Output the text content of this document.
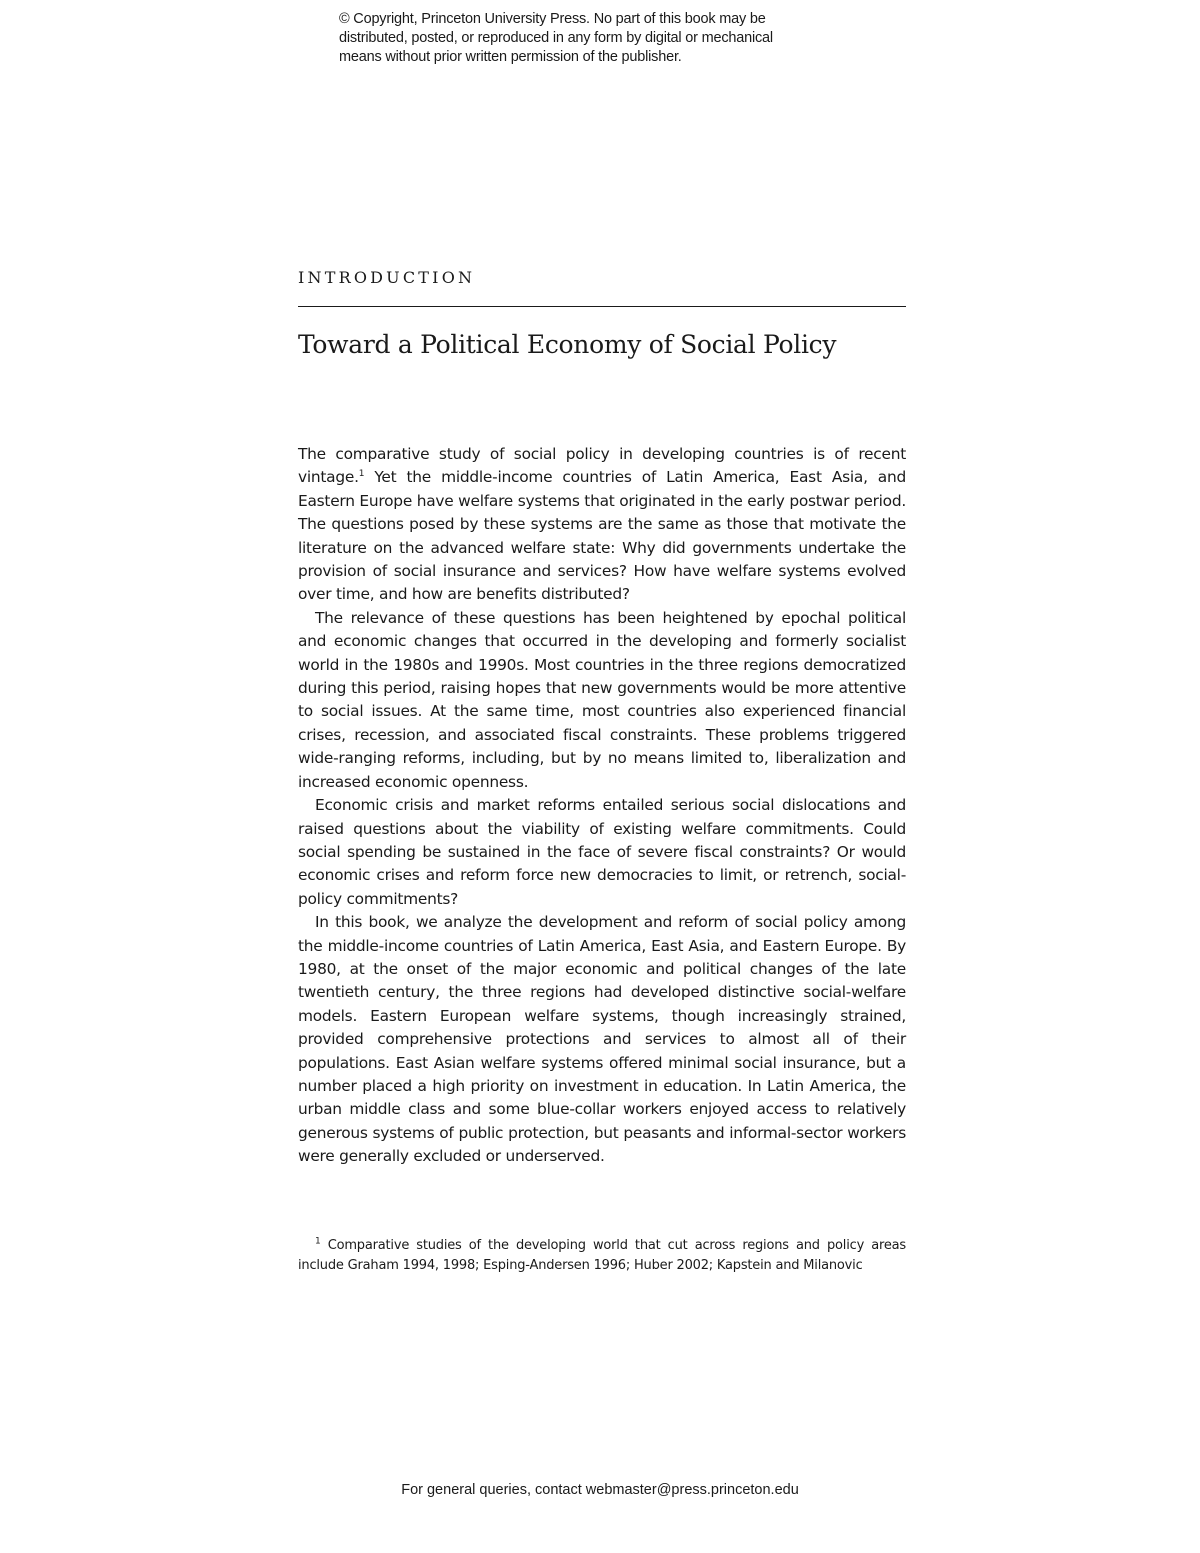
© Copyright, Princeton University Press. No part of this book may be
distributed, posted, or reproduced in any form by digital or mechanical
means without prior written permission of the publisher.
INTRODUCTION
Toward a Political Economy of Social Policy

The comparative study of social policy in developing countries is of recent vintage.$^1$ Yet the middle-income countries of Latin America, East Asia, and Eastern Europe have welfare systems that originated in the early postwar period. The questions posed by these systems are the same as those that motivate the literature on the advanced welfare state: Why did governments undertake the provision of social insurance and services? How have welfare systems evolved over time, and how are benefits distributed?

The relevance of these questions has been heightened by epochal political and economic changes that occurred in the developing and formerly socialist world in the 1980s and 1990s. Most countries in the three regions democratized during this period, raising hopes that new governments would be more attentive to social issues. At the same time, most countries also experienced financial crises, recession, and associated fiscal constraints. These problems triggered wide-ranging reforms, including, but by no means limited to, liberalization and increased economic openness.

Economic crisis and market reforms entailed serious social dislocations and raised questions about the viability of existing welfare commitments. Could social spending be sustained in the face of severe fiscal constraints? Or would economic crises and reform force new democracies to limit, or retrench, social-policy commitments?

In this book, we analyze the development and reform of social policy among the middle-income countries of Latin America, East Asia, and Eastern Europe. By 1980, at the onset of the major economic and political changes of the late twentieth century, the three regions had developed distinctive social-welfare models. Eastern European welfare systems, though increasingly strained, provided comprehensive protections and services to almost all of their populations. East Asian welfare systems offered minimal social insurance, but a number placed a high priority on investment in education. In Latin America, the urban middle class and some blue-collar workers enjoyed access to relatively generous systems of public protection, but peasants and informal-sector workers were generally excluded or underserved.

$^1$ Comparative studies of the developing world that cut across regions and policy areas include Graham 1994, 1998; Esping-Andersen 1996; Huber 2002; Kapstein and Milanovic
For general queries, contact webmaster@press.princeton.edu
